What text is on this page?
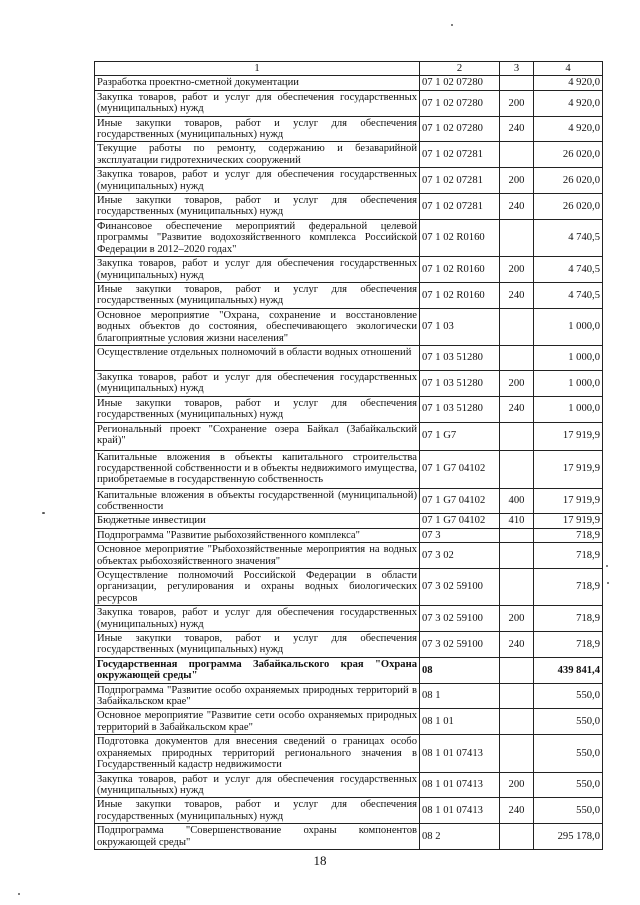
1	2	3	4
Разработка проектно-сметной документации	07 1 02 07280		4 920,0
Закупка товаров, работ и услуг для обеспечения государственных (муниципальных) нужд	07 1 02 07280	200	4 920,0
Иные закупки товаров, работ и услуг для обеспечения государственных (муниципальных) нужд	07 1 02 07280	240	4 920,0
Текущие работы по ремонту, содержанию и безаварийной эксплуатации гидротехнических сооружений	07 1 02 07281		26 020,0
Закупка товаров, работ и услуг для обеспечения государственных (муниципальных) нужд	07 1 02 07281	200	26 020,0
Иные закупки товаров, работ и услуг для обеспечения государственных (муниципальных) нужд	07 1 02 07281	240	26 020,0
Финансовое обеспечение мероприятий федеральной целевой программы "Развитие водохозяйственного комплекса Российской Федерации в 2012–2020 годах"	07 1 02 R0160		4 740,5
Закупка товаров, работ и услуг для обеспечения государственных (муниципальных) нужд	07 1 02 R0160	200	4 740,5
Иные закупки товаров, работ и услуг для обеспечения государственных (муниципальных) нужд	07 1 02 R0160	240	4 740,5
Основное мероприятие "Охрана, сохранение и восстановление водных объектов до состояния, обеспечивающего экологически благоприятные условия жизни населения"	07 1 03		1 000,0
Осуществление отдельных полномочий в области водных отношений	07 1 03 51280		1 000,0
Закупка товаров, работ и услуг для обеспечения государственных (муниципальных) нужд	07 1 03 51280	200	1 000,0
Иные закупки товаров, работ и услуг для обеспечения государственных (муниципальных) нужд	07 1 03 51280	240	1 000,0
Региональный проект "Сохранение озера Байкал (Забайкальский край)"	07 1 G7		17 919,9
Капитальные вложения в объекты капитального строительства государственной собственности и в объекты недвижимого имущества, приобретаемые в государственную собственность	07 1 G7 04102		17 919,9
Капитальные вложения в объекты государственной (муниципальной) собственности	07 1 G7 04102	400	17 919,9
Бюджетные инвестиции	07 1 G7 04102	410	17 919,9
Подпрограмма "Развитие рыбохозяйственного комплекса"	07 3		718,9
Основное мероприятие "Рыбохозяйственные мероприятия на водных объектах рыбохозяйственного значения"	07 3 02		718,9
Осуществление полномочий Российской Федерации в области организации, регулирования и охраны водных биологических ресурсов	07 3 02 59100		718,9
Закупка товаров, работ и услуг для обеспечения государственных (муниципальных) нужд	07 3 02 59100	200	718,9
Иные закупки товаров, работ и услуг для обеспечения государственных (муниципальных) нужд	07 3 02 59100	240	718,9
Государственная программа Забайкальского края "Охрана окружающей среды"	08		439 841,4
Подпрограмма "Развитие особо охраняемых природных территорий в Забайкальском крае"	08 1		550,0
Основное мероприятие "Развитие сети особо охраняемых природных территорий в Забайкальском крае"	08 1 01		550,0
Подготовка документов для внесения сведений о границах особо охраняемых природных территорий регионального значения в Государственный кадастр недвижимости	08 1 01 07413		550,0
Закупка товаров, работ и услуг для обеспечения государственных (муниципальных) нужд	08 1 01 07413	200	550,0
Иные закупки товаров, работ и услуг для обеспечения государственных (муниципальных) нужд	08 1 01 07413	240	550,0
Подпрограмма "Совершенствование охраны компонентов окружающей среды"	08 2		295 178,0
18
